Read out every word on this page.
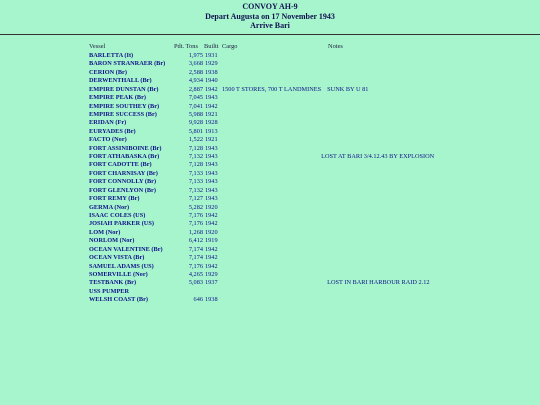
CONVOY AH-9
Depart Augusta on 17 November 1943
Arrive Bari
Vessel	Pdt. Tons Builtt Cargo	Notes
BARLETTA (It)	1,975	1931		
BARON STRANRAER (Br)	3,668	1929		
CERION (Br)	2,588	1938		
DERWENTHALL (Br)	4,934	1940		
EMPIRE DUNSTAN (Br)	2,887	1942	1500 T STORES, 700 T LANDMINES	SUNK BY U 81
EMPIRE PEAK (Br)	7,045	1943		
EMPIRE SOUTHEY (Br)	7,041	1942		
EMPIRE SUCCESS (Br)	5,988	1921		
ERIDAN (Fr)	9,928	1928		
EURYADES (Br)	5,801	1913		
FACTO (Nor)	1,522	1921		
FORT ASSINIBOINE (Br)	7,128	1943		
FORT ATHABASKA (Br)	7,132	1943		LOST AT BARI 3/4.12.43 BY EXPLOSION
FORT CADOTTE (Br)	7,128	1943		
FORT CHARNISAY (Br)	7,133	1943		
FORT CONNOLLY (Br)	7,133	1943		
FORT GLENLYON (Br)	7,132	1943		
FORT REMY (Br)	7,127	1943		
GERMA (Nor)	5,282	1920		
ISAAC COLES (US)	7,176	1942		
JOSIAH PARKER (US)	7,176	1942		
LOM (Nor)	1,268	1920		
NORLOM (Nor)	6,412	1919		
OCEAN VALENTINE (Br)	7,174	1942		
OCEAN VISTA (Br)	7,174	1942		
SAMUEL ADAMS (US)	7,176	1942		
SOMERVILLE (Nor)	4,265	1929		
TESTBANK (Br)	5,083	1937		LOST IN BARI HARBOUR RAID 2.12
USS PUMPER				
WELSH COAST (Br)	646	1938		
